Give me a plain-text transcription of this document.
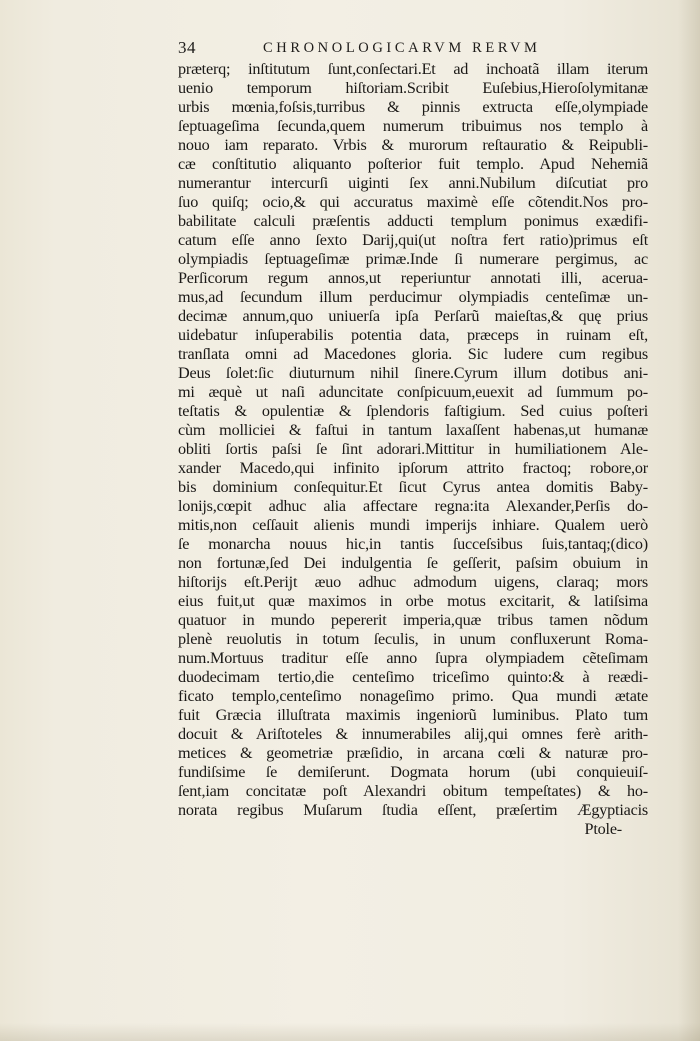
34	CHRONOLOGICARVM RERVM
præterq; inſtitutum ſunt,conſectari.Et ad inchoatã illam iterum
uenio temporum hiſtoriam.Scribit Euſebius,Hieroſolymitanæ
urbis mœnia,foſsis,turribus & pinnis extructa eſſe,olympiade
ſeptuageſima ſecunda,quem numerum tribuimus nos templo à
nouo iam reparato. Vrbis & murorum reſtauratio & Reipubli-
cæ conſtitutio aliquanto poſterior fuit templo. Apud Nehemiã
numerantur intercurſi uiginti ſex anni.Nubilum diſcutiat pro
ſuo quiſq; ocio,& qui accuratus maximè eſſe cõtendit.Nos pro-
babilitate calculi præſentis adducti templum ponimus exædifi-
catum eſſe anno ſexto Darij,qui(ut noſtra fert ratio)primus eſt
olympiadis ſeptuageſimæ primæ.Inde ſi numerare pergimus, ac
Perſicorum regum annos,ut reperiuntur annotati illi, acerua-
mus,ad ſecundum illum perducimur olympiadis centeſimæ un-
decimæ annum,quo uniuerſa ipſa Perſarũ maieſtas,& quę prius
uidebatur inſuperabilis potentia data, præceps in ruinam eſt,
tranſlata omni ad Macedones gloria. Sic ludere cum regibus
Deus ſolet:ſic diuturnum nihil ſinere.Cyrum illum dotibus ani-
mi æquè ut naſi aduncitate conſpicuum,euexit ad ſummum po-
teſtatis & opulentiæ & ſplendoris faſtigium. Sed cuius poſteri
cùm molliciei & faſtui in tantum laxaſſent habenas,ut humanæ
obliti ſortis paſsi ſe ſint adorari.Mittitur in humiliationem Ale-
xander Macedo,qui infinito ipſorum attrito fractoq; robore,or
bis dominium conſequitur.Et ſicut Cyrus antea domitis Baby-
lonijs,cœpit adhuc alia affectare regna:ita Alexander,Perſis do-
mitis,non ceſſauit alienis mundi imperijs inhiare. Qualem uerò
ſe monarcha nouus hic,in tantis ſucceſsibus ſuis,tantaq;(dico)
non fortunæ,ſed Dei indulgentia ſe geſſerit, paſsim obuium in
hiſtorijs eſt.Perijt æuo adhuc admodum uigens, claraq; mors
eius fuit,ut quæ maximos in orbe motus excitarit, & latiſsima
quatuor in mundo pepererit imperia,quæ tribus tamen nõdum
plenè reuolutis in totum ſeculis, in unum confluxerunt Roma-
num.Mortuus traditur eſſe anno ſupra olympiadem cẽteſimam
duodecimam tertio,die centeſimo triceſimo quinto:& à reædi-
ficato templo,centeſimo nonageſimo primo. Qua mundi ætate
fuit Græcia illuſtrata maximis ingeniorũ luminibus. Plato tum
docuit & Ariſtoteles & innumerabiles alij,qui omnes ferè arith-
metices & geometriæ præſidio, in arcana cœli & naturæ pro-
fundiſsime ſe demiſerunt. Dogmata horum (ubi conquieuiſ-
ſent,iam concitatæ poſt Alexandri obitum tempeſtates) & ho-
norata regibus Muſarum ſtudia eſſent, præſertim Ægyptiacis
Ptole-
